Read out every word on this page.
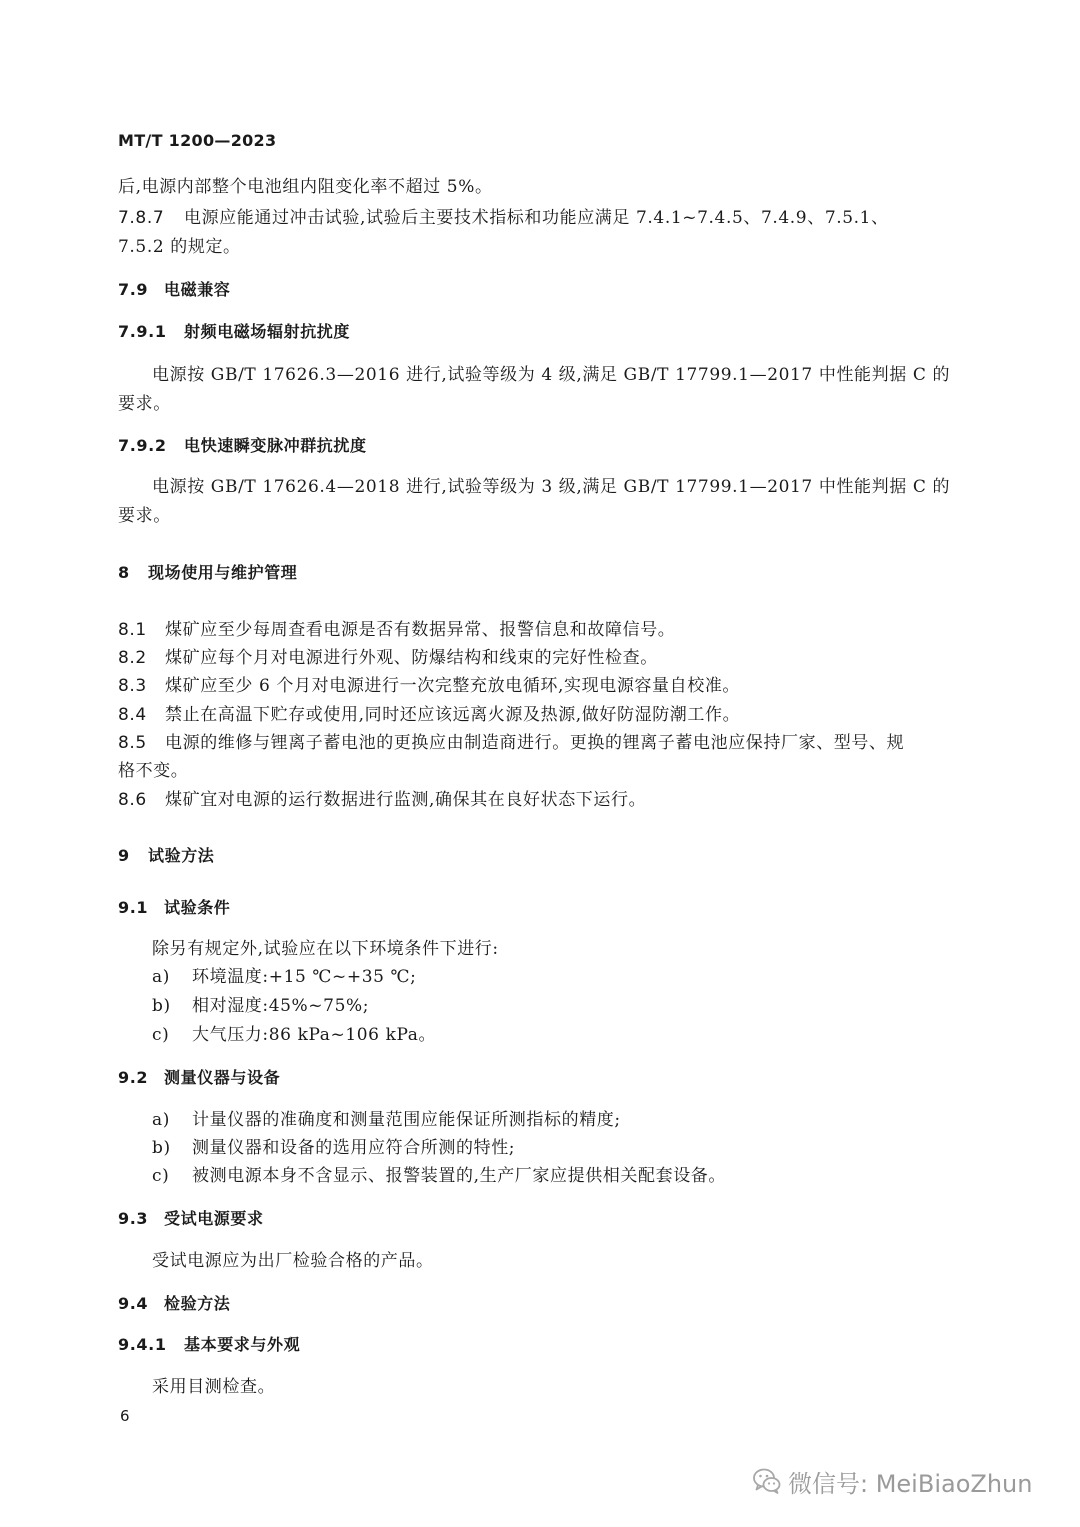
MT/T 1200—2023
后,电源内部整个电池组内阻变化率不超过 5%。
7.8.7 电源应能通过冲击试验,试验后主要技术指标和功能应满足 7.4.1~7.4.5、7.4.9、7.5.1、
7.5.2 的规定。
7.9 电磁兼容
7.9.1 射频电磁场辐射抗扰度
电源按 GB/T 17626.3—2016 进行,试验等级为 4 级,满足 GB/T 17799.1—2017 中性能判据 C 的
要求。
7.9.2 电快速瞬变脉冲群抗扰度
电源按 GB/T 17626.4—2018 进行,试验等级为 3 级,满足 GB/T 17799.1—2017 中性能判据 C 的
要求。
8 现场使用与维护管理
8.1 煤矿应至少每周查看电源是否有数据异常、报警信息和故障信号。
8.2 煤矿应每个月对电源进行外观、防爆结构和线束的完好性检查。
8.3 煤矿应至少 6 个月对电源进行一次完整充放电循环,实现电源容量自校准。
8.4 禁止在高温下贮存或使用,同时还应该远离火源及热源,做好防湿防潮工作。
8.5 电源的维修与锂离子蓄电池的更换应由制造商进行。更换的锂离子蓄电池应保持厂家、型号、规
格不变。
8.6 煤矿宜对电源的运行数据进行监测,确保其在良好状态下运行。
9 试验方法
9.1 试验条件
除另有规定外,试验应在以下环境条件下进行:
a) 环境温度:+15 ℃~+35 ℃;
b) 相对湿度:45%~75%;
c) 大气压力:86 kPa~106 kPa。
9.2 测量仪器与设备
a) 计量仪器的准确度和测量范围应能保证所测指标的精度;
b) 测量仪器和设备的选用应符合所测的特性;
c) 被测电源本身不含显示、报警装置的,生产厂家应提供相关配套设备。
9.3 受试电源要求
受试电源应为出厂检验合格的产品。
9.4 检验方法
9.4.1 基本要求与外观
采用目测检查。
6
微信号: MeiBiaoZhun
